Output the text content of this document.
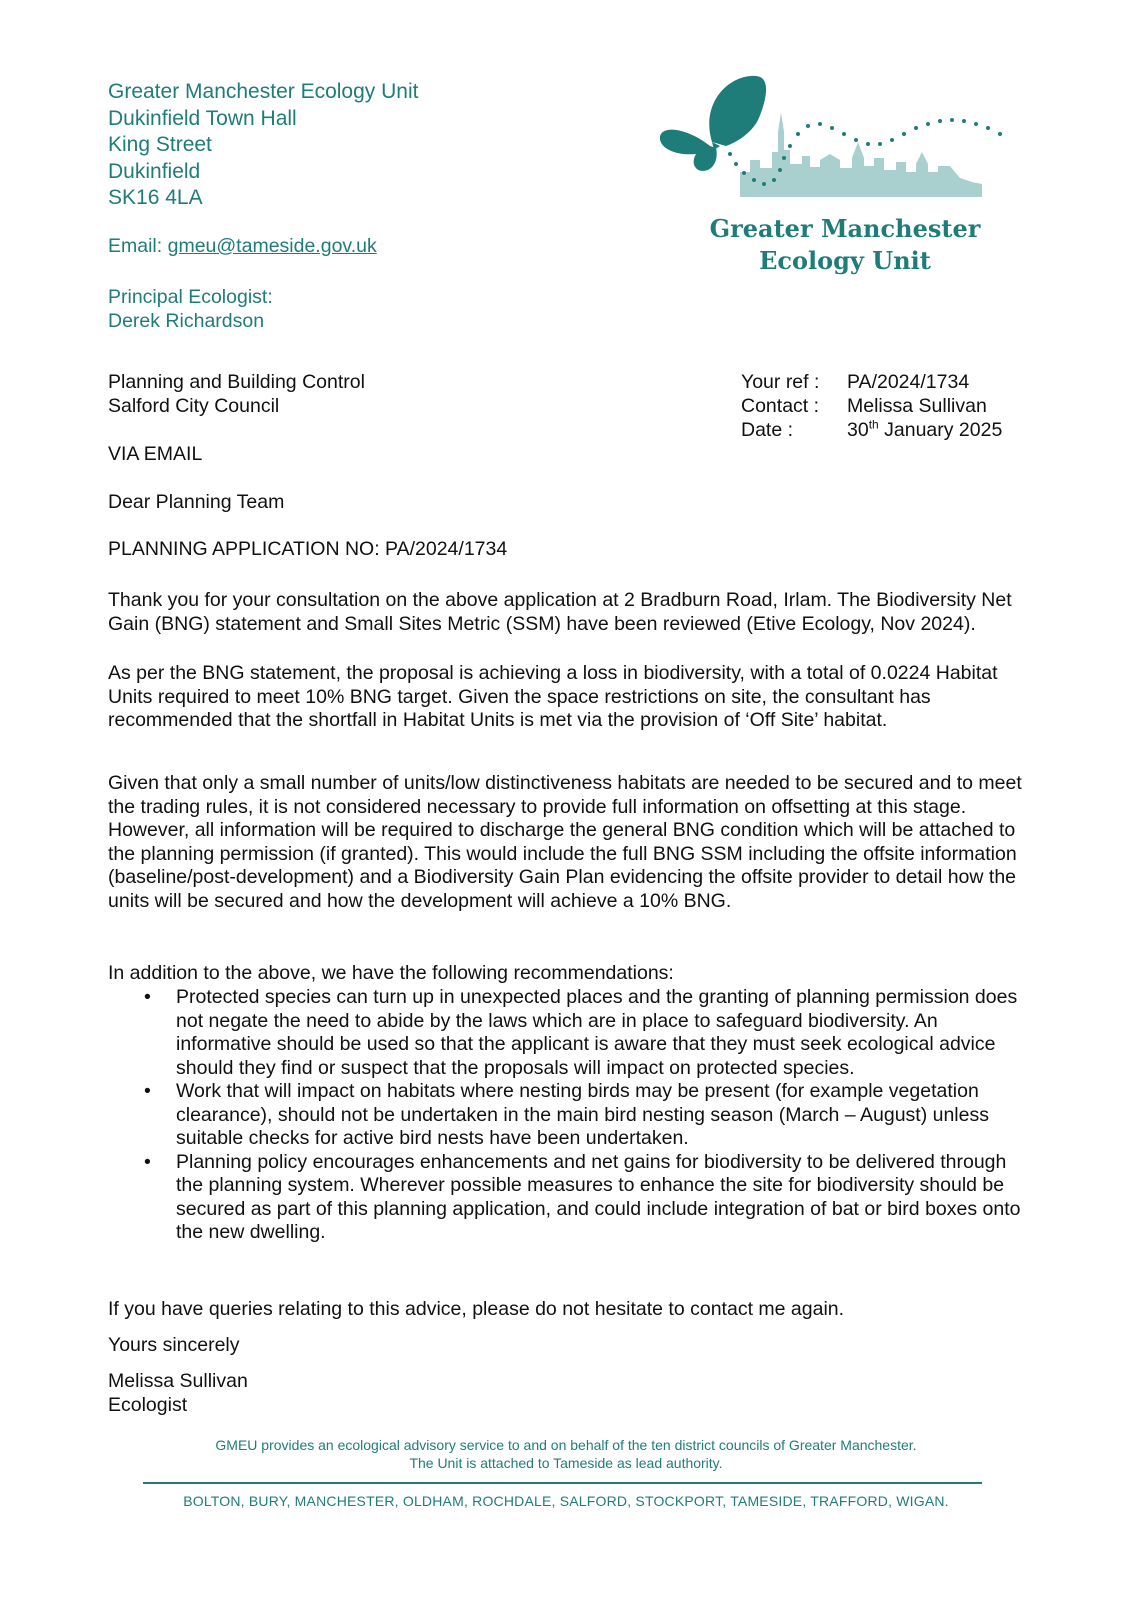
Greater Manchester Ecology Unit
Dukinfield Town Hall
King Street
Dukinfield
SK16 4LA
Email: gmeu@tameside.gov.uk
Principal Ecologist:
Derek Richardson
Greater Manchester
Ecology Unit
Planning and Building Control
Salford City Council
Your ref :	PA/2024/1734
Contact :	Melissa Sullivan
Date :	30th January 2025
VIA EMAIL
Dear Planning Team
PLANNING APPLICATION NO: PA/2024/1734
Thank you for your consultation on the above application at 2 Bradburn Road, Irlam. The Biodiversity Net Gain (BNG) statement and Small Sites Metric (SSM) have been reviewed (Etive Ecology, Nov 2024).
As per the BNG statement, the proposal is achieving a loss in biodiversity, with a total of 0.0224 Habitat Units required to meet 10% BNG target. Given the space restrictions on site, the consultant has recommended that the shortfall in Habitat Units is met via the provision of ‘Off Site’ habitat.
Given that only a small number of units/low distinctiveness habitats are needed to be secured and to meet the trading rules, it is not considered necessary to provide full information on offsetting at this stage. However, all information will be required to discharge the general BNG condition which will be attached to the planning permission (if granted). This would include the full BNG SSM including the offsite information (baseline/post-development) and a Biodiversity Gain Plan evidencing the offsite provider to detail how the units will be secured and how the development will achieve a 10% BNG.
In addition to the above, we have the following recommendations:
• Protected species can turn up in unexpected places and the granting of planning permission does not negate the need to abide by the laws which are in place to safeguard biodiversity. An informative should be used so that the applicant is aware that they must seek ecological advice should they find or suspect that the proposals will impact on protected species.
• Work that will impact on habitats where nesting birds may be present (for example vegetation clearance), should not be undertaken in the main bird nesting season (March – August) unless suitable checks for active bird nests have been undertaken.
• Planning policy encourages enhancements and net gains for biodiversity to be delivered through the planning system. Wherever possible measures to enhance the site for biodiversity should be secured as part of this planning application, and could include integration of bat or bird boxes onto the new dwelling.
If you have queries relating to this advice, please do not hesitate to contact me again.
Yours sincerely
Melissa Sullivan
Ecologist
GMEU provides an ecological advisory service to and on behalf of the ten district councils of Greater Manchester.
The Unit is attached to Tameside as lead authority.
BOLTON, BURY, MANCHESTER, OLDHAM, ROCHDALE, SALFORD, STOCKPORT, TAMESIDE, TRAFFORD, WIGAN.
